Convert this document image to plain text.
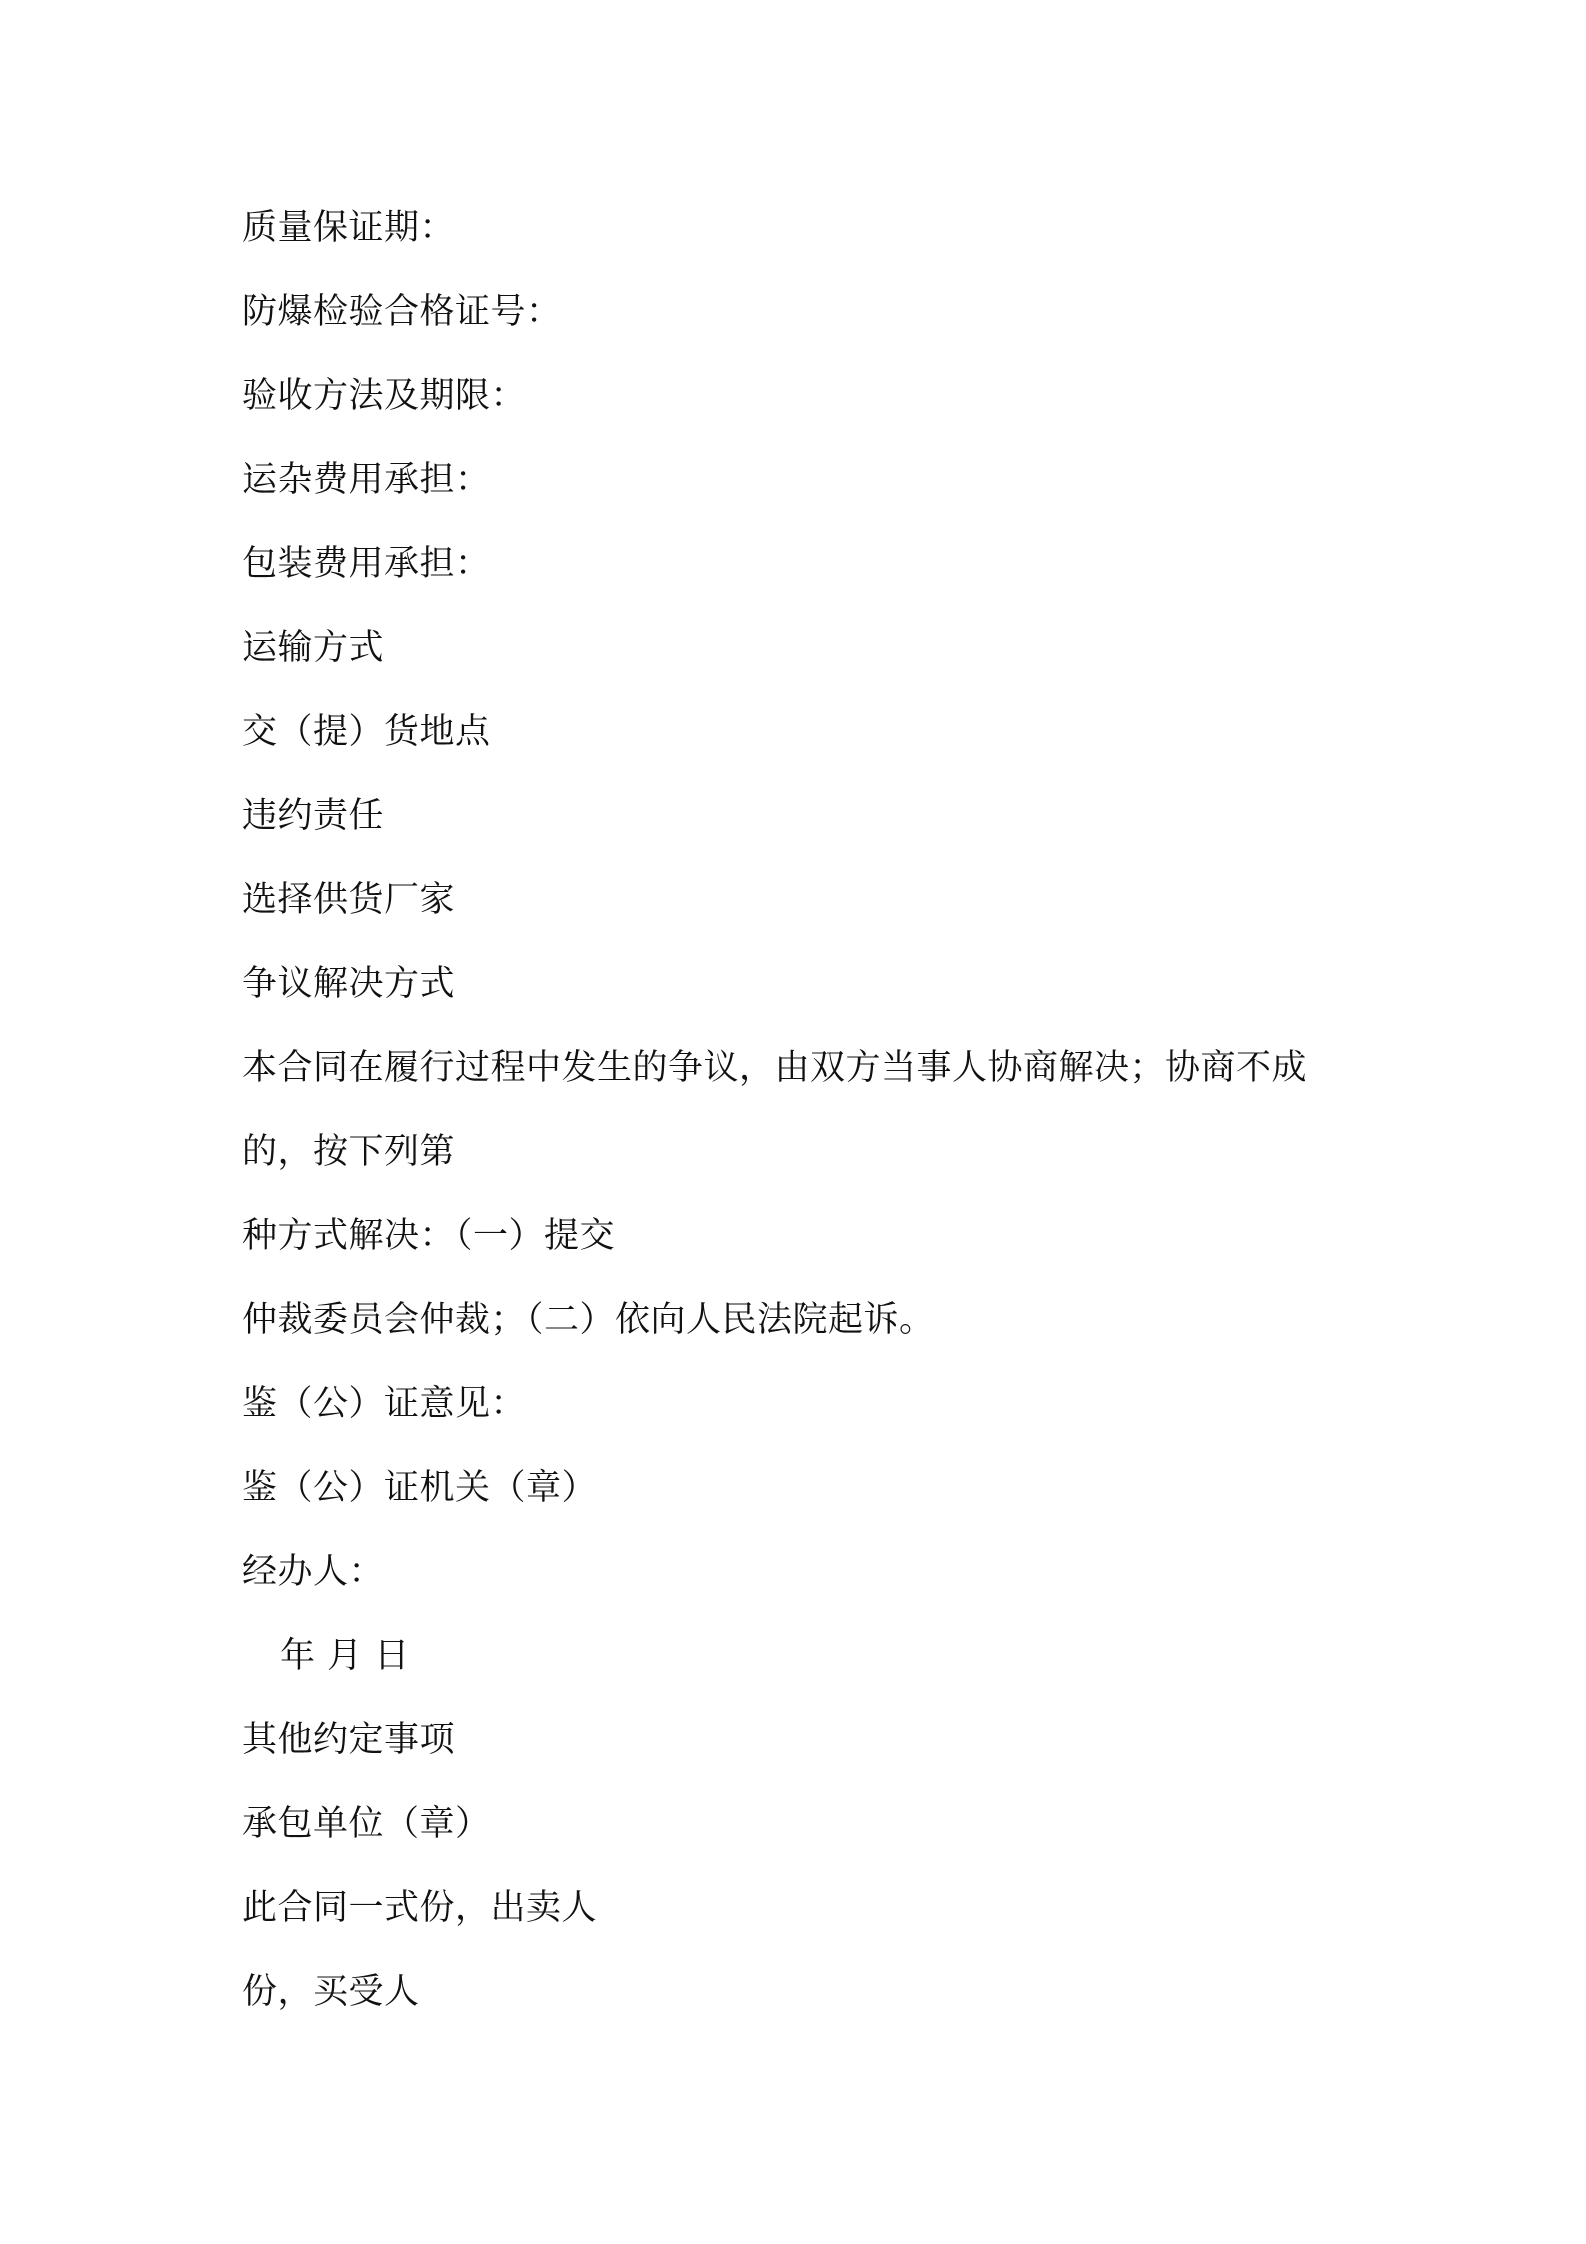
质量保证期：
防爆检验合格证号：
验收方法及期限：
运杂费用承担：
包装费用承担：
运输方式
交（提）货地点
违约责任
选择供货厂家
争议解决方式
本合同在履行过程中发生的争议，由双方当事人协商解决；协商不成
的，按下列第
种方式解决：（一）提交
仲裁委员会仲裁；（二）依向人民法院起诉。
鉴（公）证意见：
鉴（公）证机关（章）
经办人：
年 月 日
其他约定事项
承包单位（章）
此合同一式份，出卖人
份，买受人
